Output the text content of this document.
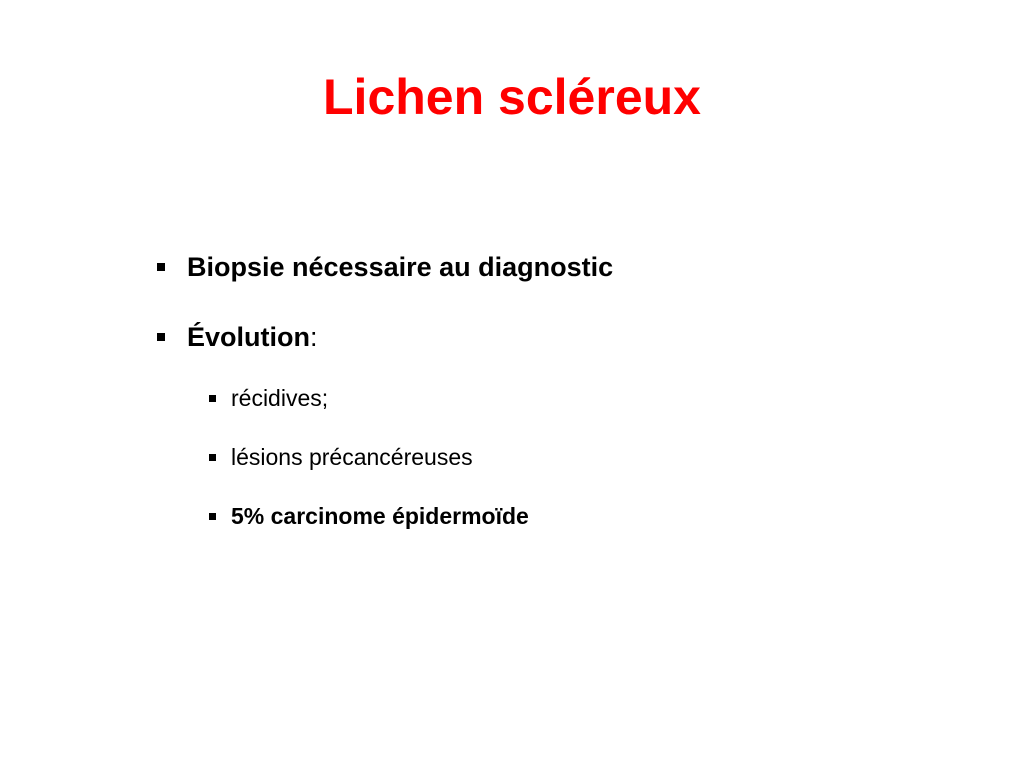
Lichen scléreux
Biopsie nécessaire au diagnostic
Évolution :
récidives;
lésions précancéreuses
5% carcinome épidermoïde
